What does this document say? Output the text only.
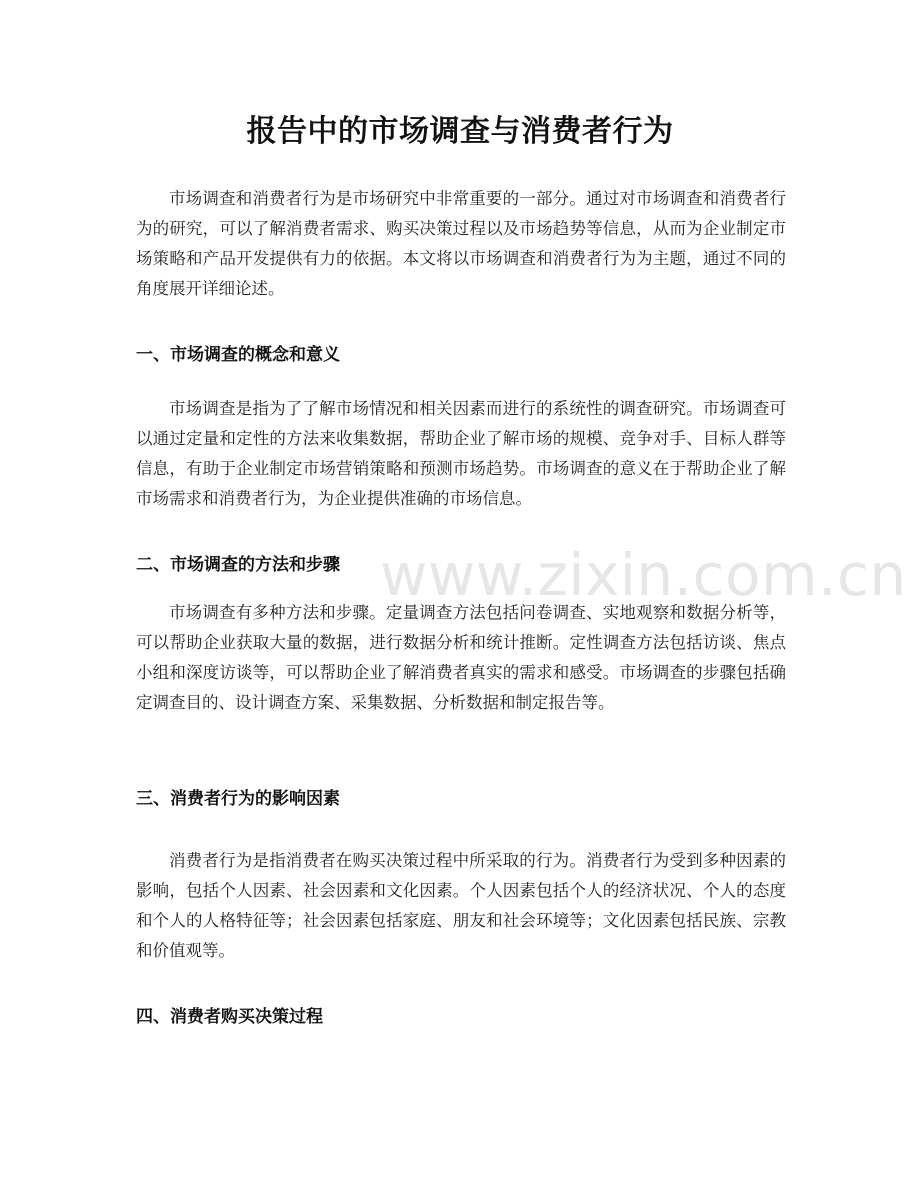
www.zixin.com.cn
报告中的市场调查与消费者行为

市场调查和消费者行为是市场研究中非常重要的一部分。通过对市场调查和消费者行为的研究，可以了解消费者需求、购买决策过程以及市场趋势等信息，从而为企业制定市场策略和产品开发提供有力的依据。本文将以市场调查和消费者行为为主题，通过不同的角度展开详细论述。

一、市场调查的概念和意义

市场调查是指为了了解市场情况和相关因素而进行的系统性的调查研究。市场调查可以通过定量和定性的方法来收集数据，帮助企业了解市场的规模、竞争对手、目标人群等信息，有助于企业制定市场营销策略和预测市场趋势。市场调查的意义在于帮助企业了解市场需求和消费者行为，为企业提供准确的市场信息。

二、市场调查的方法和步骤

市场调查有多种方法和步骤。定量调查方法包括问卷调查、实地观察和数据分析等，可以帮助企业获取大量的数据，进行数据分析和统计推断。定性调查方法包括访谈、焦点小组和深度访谈等，可以帮助企业了解消费者真实的需求和感受。市场调查的步骤包括确定调查目的、设计调查方案、采集数据、分析数据和制定报告等。

三、消费者行为的影响因素

消费者行为是指消费者在购买决策过程中所采取的行为。消费者行为受到多种因素的影响，包括个人因素、社会因素和文化因素。个人因素包括个人的经济状况、个人的态度和个人的人格特征等；社会因素包括家庭、朋友和社会环境等；文化因素包括民族、宗教和价值观等。

四、消费者购买决策过程
